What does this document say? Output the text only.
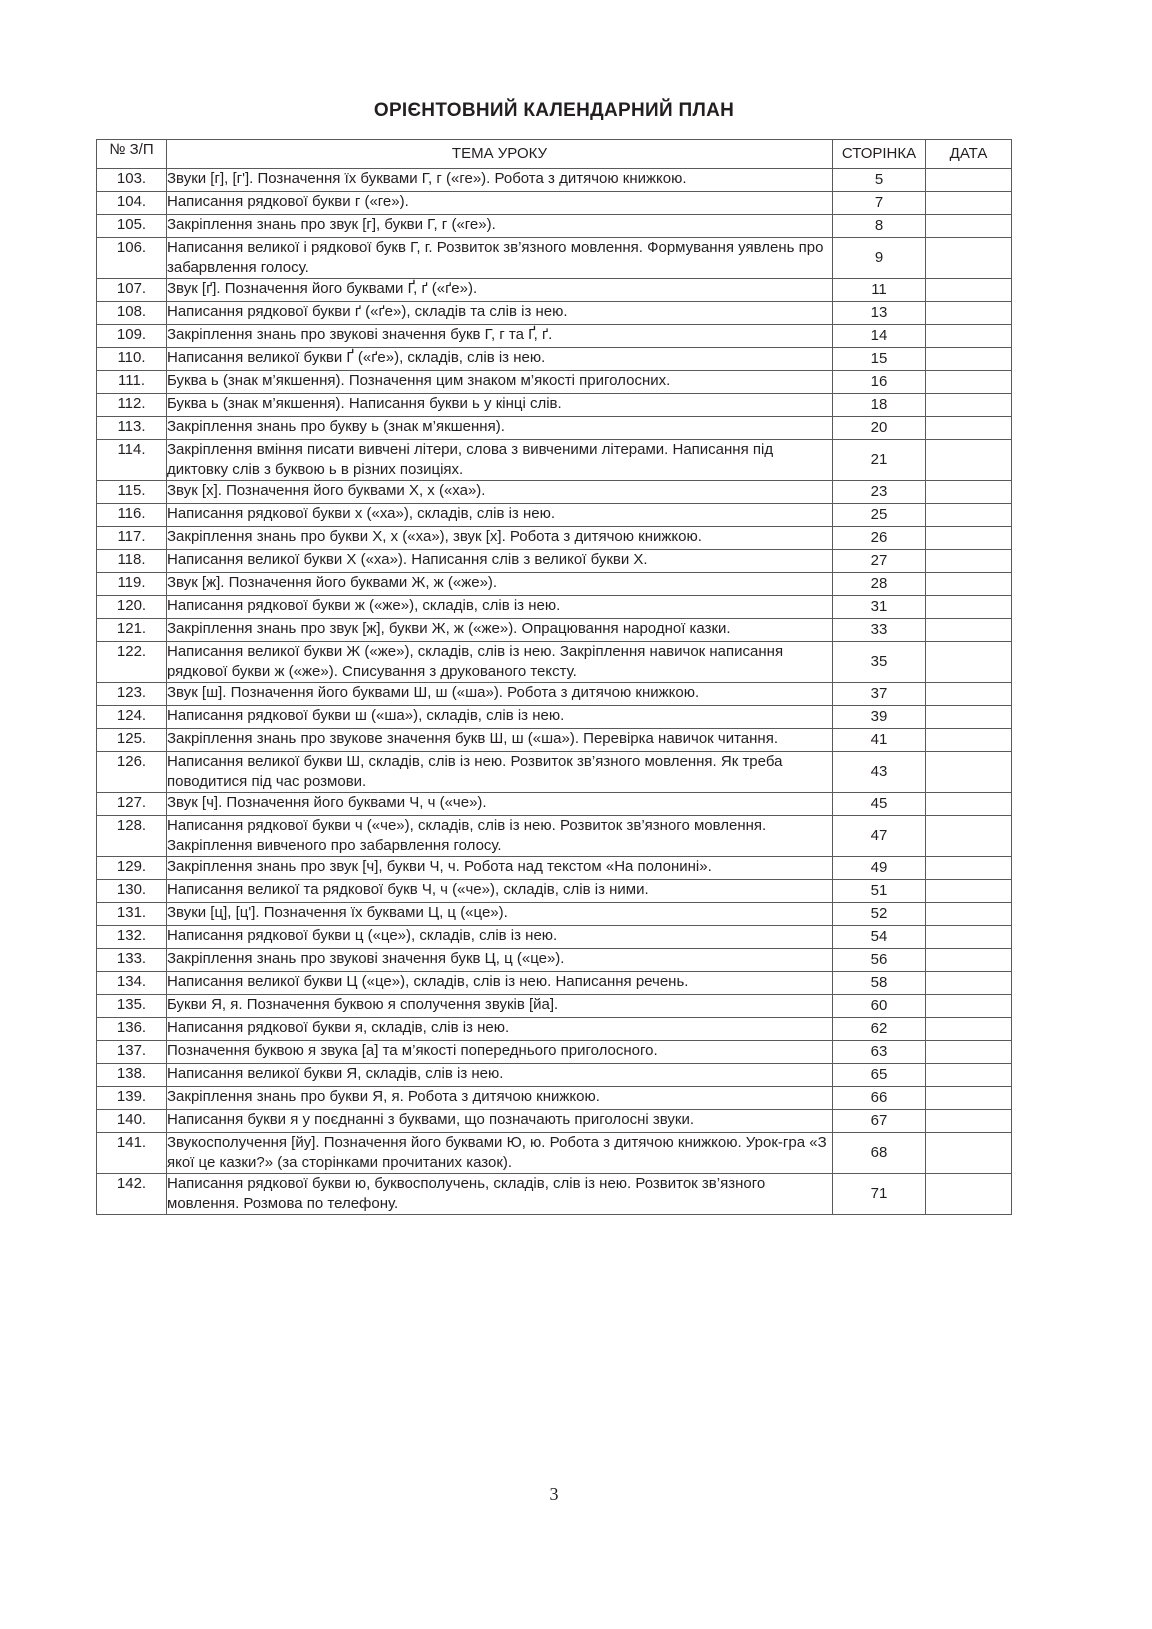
ОРІЄНТОВНИЙ КАЛЕНДАРНИЙ ПЛАН
№ З/П	ТЕМА УРОКУ	СТОРІНКА	ДАТА
103.	Звуки [г], [г']. Позначення їх буквами Г, г («ге»). Робота з дитячою книжкою.	5	
104.	Написання рядкової букви г («ге»).	7	
105.	Закріплення знань про звук [г], букви Г, г («ге»).	8	
106.	Написання великої і рядкової букв Г, г. Розвиток зв’язного мовлення. Формування уявлень про забарвлення голосу.	9	
107.	Звук [ґ]. Позначення його буквами Ґ, ґ («ґе»).	11	
108.	Написання рядкової букви ґ («ґе»), складів та слів із нею.	13	
109.	Закріплення знань про звукові значення букв Г, г та Ґ, ґ.	14	
110.	Написання великої букви Ґ («ґе»), складів, слів із нею.	15	
111.	Буква ь (знак м’якшення). Позначення цим знаком м’якості приголосних.	16	
112.	Буква ь (знак м’якшення). Написання букви ь у кінці слів.	18	
113.	Закріплення знань про букву ь (знак м’якшення).	20	
114.	Закріплення вміння писати вивчені літери, слова з вивченими літерами. Написання під диктовку слів з буквою ь в різних позиціях.	21	
115.	Звук [х]. Позначення його буквами Х, х («ха»).	23	
116.	Написання рядкової букви х («ха»), складів, слів із нею.	25	
117.	Закріплення знань про букви Х, х («ха»), звук [х]. Робота з дитячою книжкою.	26	
118.	Написання великої букви Х («ха»). Написання слів з великої букви Х.	27	
119.	Звук [ж]. Позначення його буквами Ж, ж («же»).	28	
120.	Написання рядкової букви ж («же»), складів, слів із нею.	31	
121.	Закріплення знань про звук [ж], букви Ж, ж («же»). Опрацювання народної казки.	33	
122.	Написання великої букви Ж («же»), складів, слів із нею. Закріплення навичок написання рядкової букви ж («же»). Списування з друкованого тексту.	35	
123.	Звук [ш]. Позначення його буквами Ш, ш («ша»). Робота з дитячою книжкою.	37	
124.	Написання рядкової букви ш («ша»), складів, слів із нею.	39	
125.	Закріплення знань про звукове значення букв Ш, ш («ша»). Перевірка навичок читання.	41	
126.	Написання великої букви Ш, складів, слів із нею. Розвиток зв’язного мовлення. Як треба поводитися під час розмови.	43	
127.	Звук [ч]. Позначення його буквами Ч, ч («че»).	45	
128.	Написання рядкової букви ч («че»), складів, слів із нею. Розвиток зв’язного мовлення. Закріплення вивченого про забарвлення голосу.	47	
129.	Закріплення знань про звук [ч], букви Ч, ч. Робота над текстом «На полонині».	49	
130.	Написання великої та рядкової букв Ч, ч («че»), складів, слів із ними.	51	
131.	Звуки [ц], [ц']. Позначення їх буквами Ц, ц («це»).	52	
132.	Написання рядкової букви ц («це»), складів, слів із нею.	54	
133.	Закріплення знань про звукові значення букв Ц, ц («це»).	56	
134.	Написання великої букви Ц («це»), складів, слів із нею. Написання речень.	58	
135.	Букви Я, я. Позначення буквою я сполучення звуків [йа].	60	
136.	Написання рядкової букви я, складів, слів із нею.	62	
137.	Позначення буквою я звука [а] та м’якості попереднього приголосного.	63	
138.	Написання великої букви Я, складів, слів із нею.	65	
139.	Закріплення знань про букви Я, я. Робота з дитячою книжкою.	66	
140.	Написання букви я у поєднанні з буквами, що позначають приголосні звуки.	67	
141.	Звукосполучення [йу]. Позначення його буквами Ю, ю. Робота з дитячою книжкою. Урок-гра «З якої це казки?» (за сторінками прочитаних казок).	68	
142.	Написання рядкової букви ю, буквосполучень, складів, слів із нею. Розвиток зв’язного мовлення. Розмова по телефону.	71	
3
